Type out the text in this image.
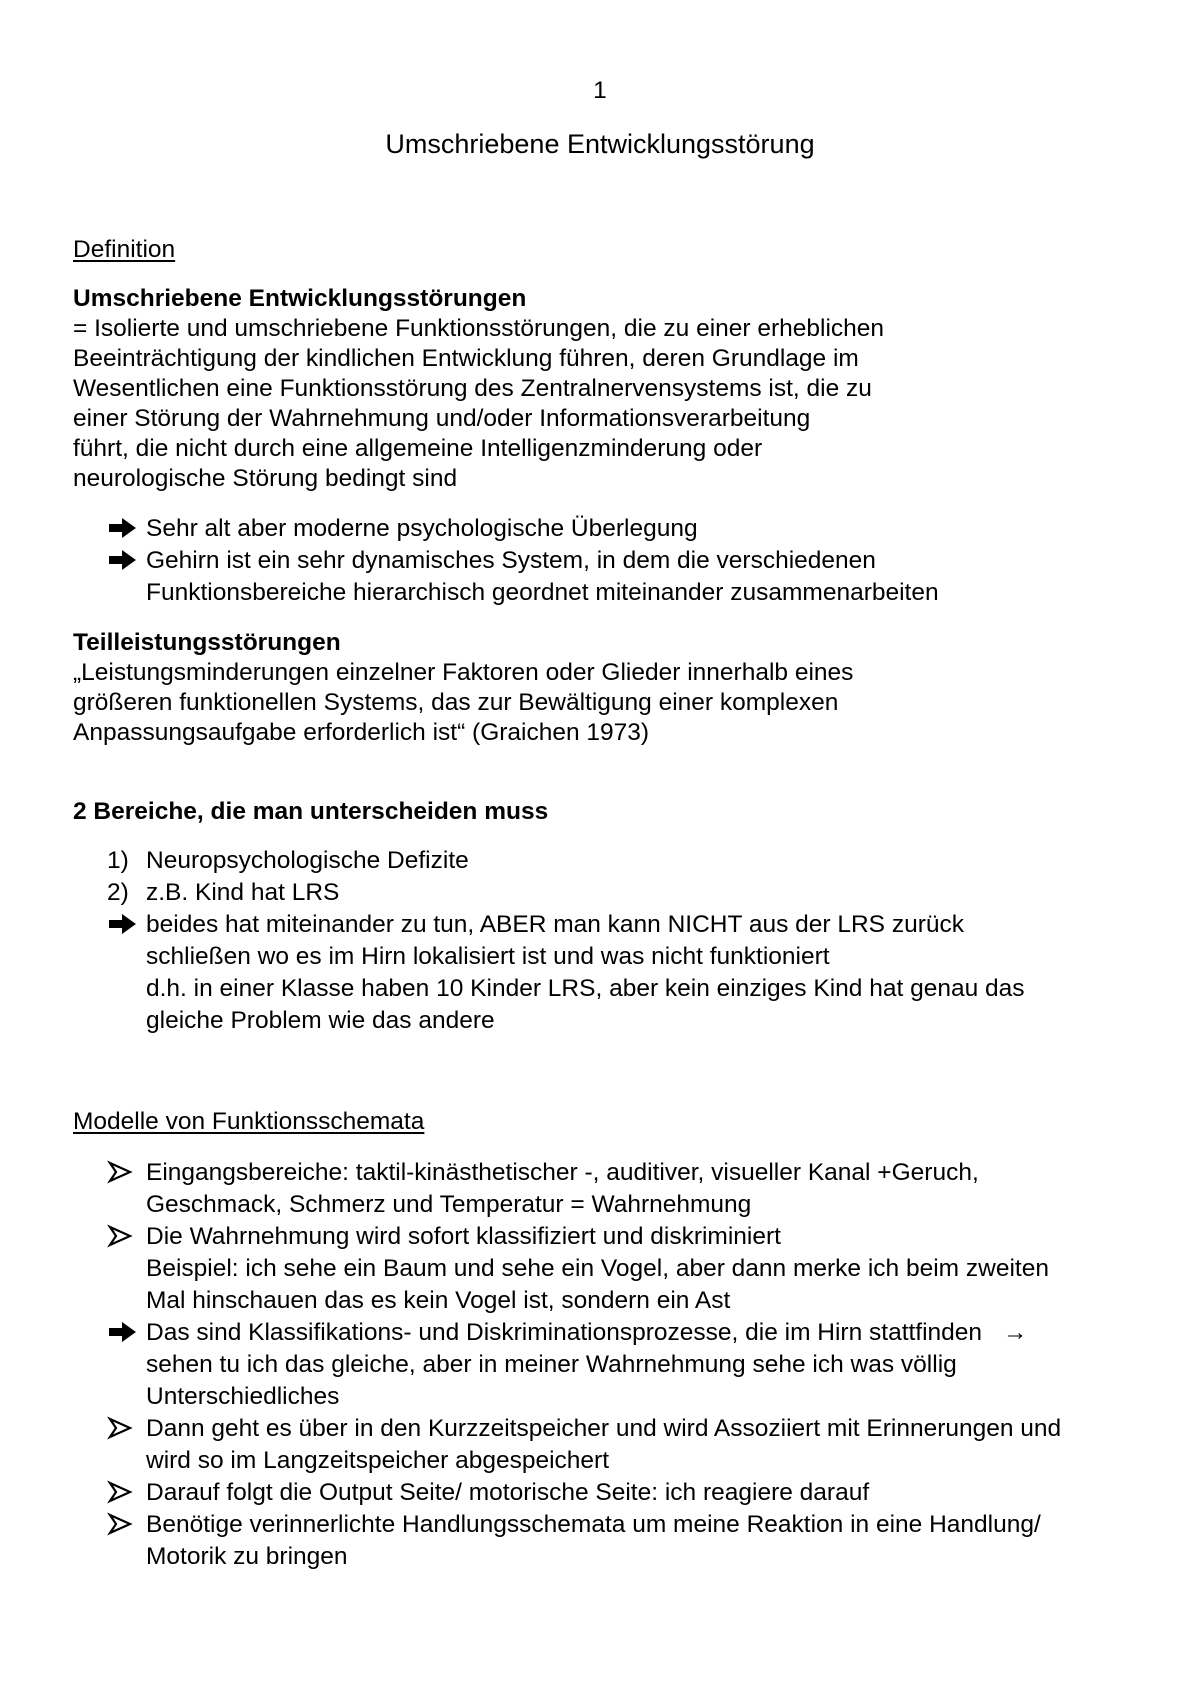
1
Umschriebene Entwicklungsstörung
Definition
Umschriebene Entwicklungsstörungen
= Isolierte und umschriebene Funktionsstörungen, die zu einer erheblichen
Beeinträchtigung der kindlichen Entwicklung führen, deren Grundlage im
Wesentlichen eine Funktionsstörung des Zentralnervensystems ist, die zu
einer Störung der Wahrnehmung und/oder Informationsverarbeitung
führt, die nicht durch eine allgemeine Intelligenzminderung oder
neurologische Störung bedingt sind
Sehr alt aber moderne psychologische Überlegung
Gehirn ist ein sehr dynamisches System, in dem die verschiedenen
Funktionsbereiche hierarchisch geordnet miteinander zusammenarbeiten
Teilleistungsstörungen
„Leistungsminderungen einzelner Faktoren oder Glieder innerhalb eines
größeren funktionellen Systems, das zur Bewältigung einer komplexen
Anpassungsaufgabe erforderlich ist“ (Graichen 1973)
2 Bereiche, die man unterscheiden muss
1) Neuropsychologische Defizite
2) z.B. Kind hat LRS
beides hat miteinander zu tun, ABER man kann NICHT aus der LRS zurück
schließen wo es im Hirn lokalisiert ist und was nicht funktioniert
d.h. in einer Klasse haben 10 Kinder LRS, aber kein einziges Kind hat genau das
gleiche Problem wie das andere
Modelle von Funktionsschemata
Eingangsbereiche: taktil-kinästhetischer -, auditiver, visueller Kanal +Geruch,
Geschmack, Schmerz und Temperatur = Wahrnehmung
Die Wahrnehmung wird sofort klassifiziert und diskriminiert
Beispiel: ich sehe ein Baum und sehe ein Vogel, aber dann merke ich beim zweiten
Mal hinschauen das es kein Vogel ist, sondern ein Ast
Das sind Klassifikations- und Diskriminationsprozesse, die im Hirn stattfinden →
sehen tu ich das gleiche, aber in meiner Wahrnehmung sehe ich was völlig
Unterschiedliches
Dann geht es über in den Kurzzeitspeicher und wird Assoziiert mit Erinnerungen und
wird so im Langzeitspeicher abgespeichert
Darauf folgt die Output Seite/ motorische Seite: ich reagiere darauf
Benötige verinnerlichte Handlungsschemata um meine Reaktion in eine Handlung/
Motorik zu bringen
